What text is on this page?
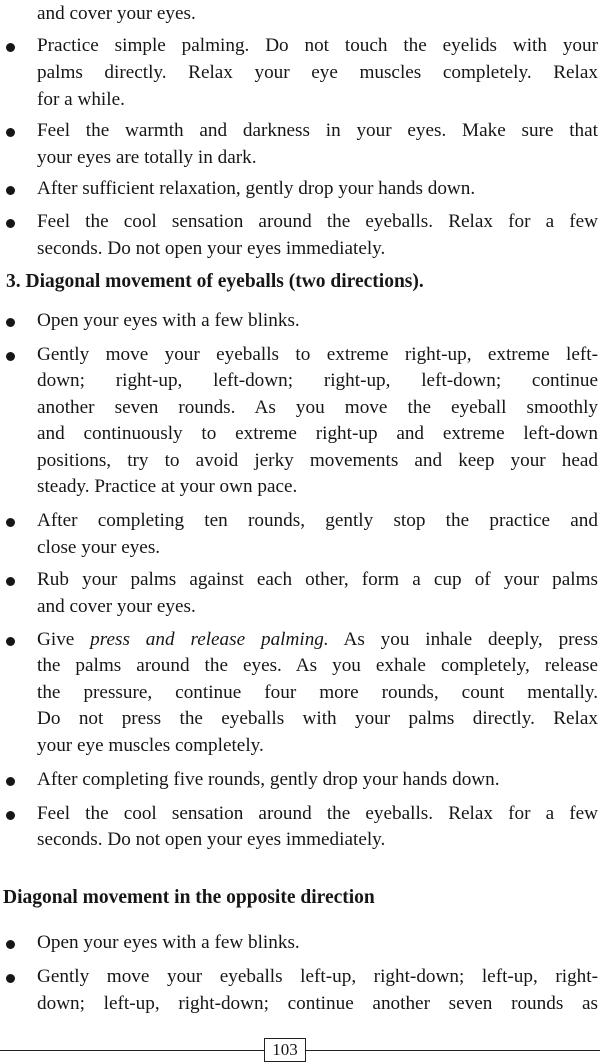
and cover your eyes.
Practice simple palming. Do not touch the eyelids with your
palms directly. Relax your eye muscles completely. Relax
for a while.
Feel the warmth and darkness in your eyes. Make sure that
your eyes are totally in dark.
After sufficient relaxation, gently drop your hands down.
Feel the cool sensation around the eyeballs. Relax for a few
seconds. Do not open your eyes immediately.
3. Diagonal movement of eyeballs (two directions).
Open your eyes with a few blinks.
Gently move your eyeballs to extreme right-up, extreme left-
down; right-up, left-down; right-up, left-down; continue
another seven rounds. As you move the eyeball smoothly
and continuously to extreme right-up and extreme left-down
positions, try to avoid jerky movements and keep your head
steady. Practice at your own pace.
After completing ten rounds, gently stop the practice and
close your eyes.
Rub your palms against each other, form a cup of your palms
and cover your eyes.
Give press and release palming. As you inhale deeply, press
the palms around the eyes. As you exhale completely, release
the pressure, continue four more rounds, count mentally.
Do not press the eyeballs with your palms directly. Relax
your eye muscles completely.
After completing five rounds, gently drop your hands down.
Feel the cool sensation around the eyeballs. Relax for a few
seconds. Do not open your eyes immediately.
Diagonal movement in the opposite direction
Open your eyes with a few blinks.
Gently move your eyeballs left-up, right-down; left-up, right-
down; left-up, right-down; continue another seven rounds as
103
